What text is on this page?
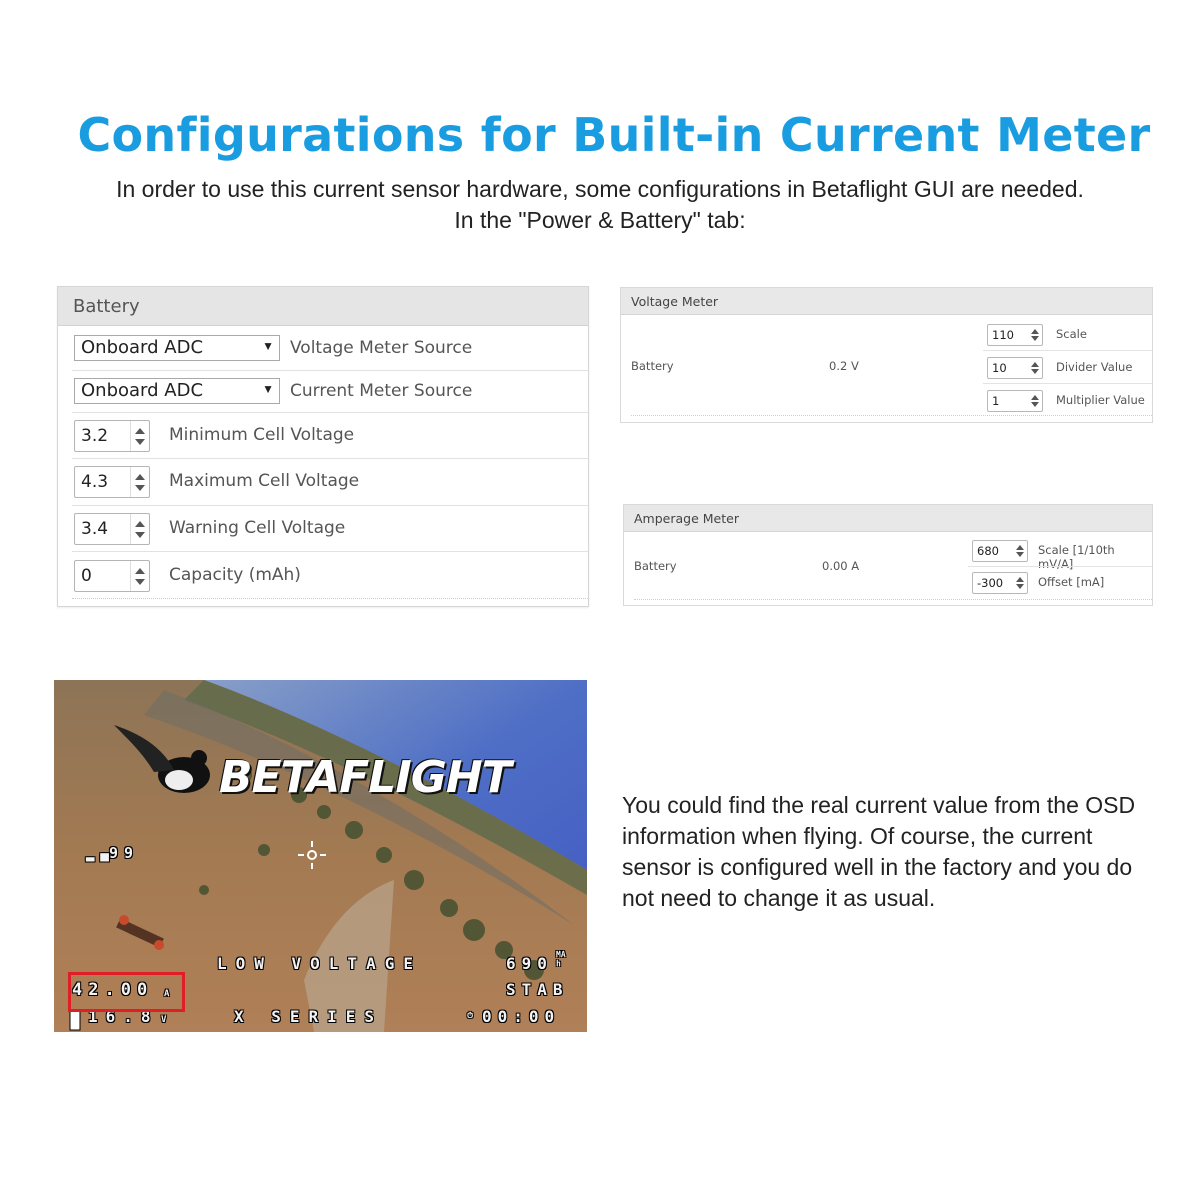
Configurations for Built-in Current Meter
In order to use this current sensor hardware, some configurations in Betaflight GUI are needed.
In the "Power & Battery" tab:
Battery
Onboard ADC	▼ Voltage Meter Source
Onboard ADC	▼ Current Meter Source
3.2	Minimum Cell Voltage
4.3	Maximum Cell Voltage
3.4	Warning Cell Voltage
0	Capacity (mAh)
Voltage Meter
Battery	0.2 V
110	Scale
10	Divider Value
1	Multiplier Value
Amperage Meter
Battery	0.00 A
680	Scale [1/10th mV/A]
-300	Offset [mA]
BETAFLIGHT
▂▄
99
LOW VOLTAGE	690 MA
h
42.00 A	STAB
16.8 V	X SERIES	⏱ 00:00
You could find the real current value from the OSD information when flying. Of course, the current sensor is configured well in the factory and you do not need to change it as usual.
